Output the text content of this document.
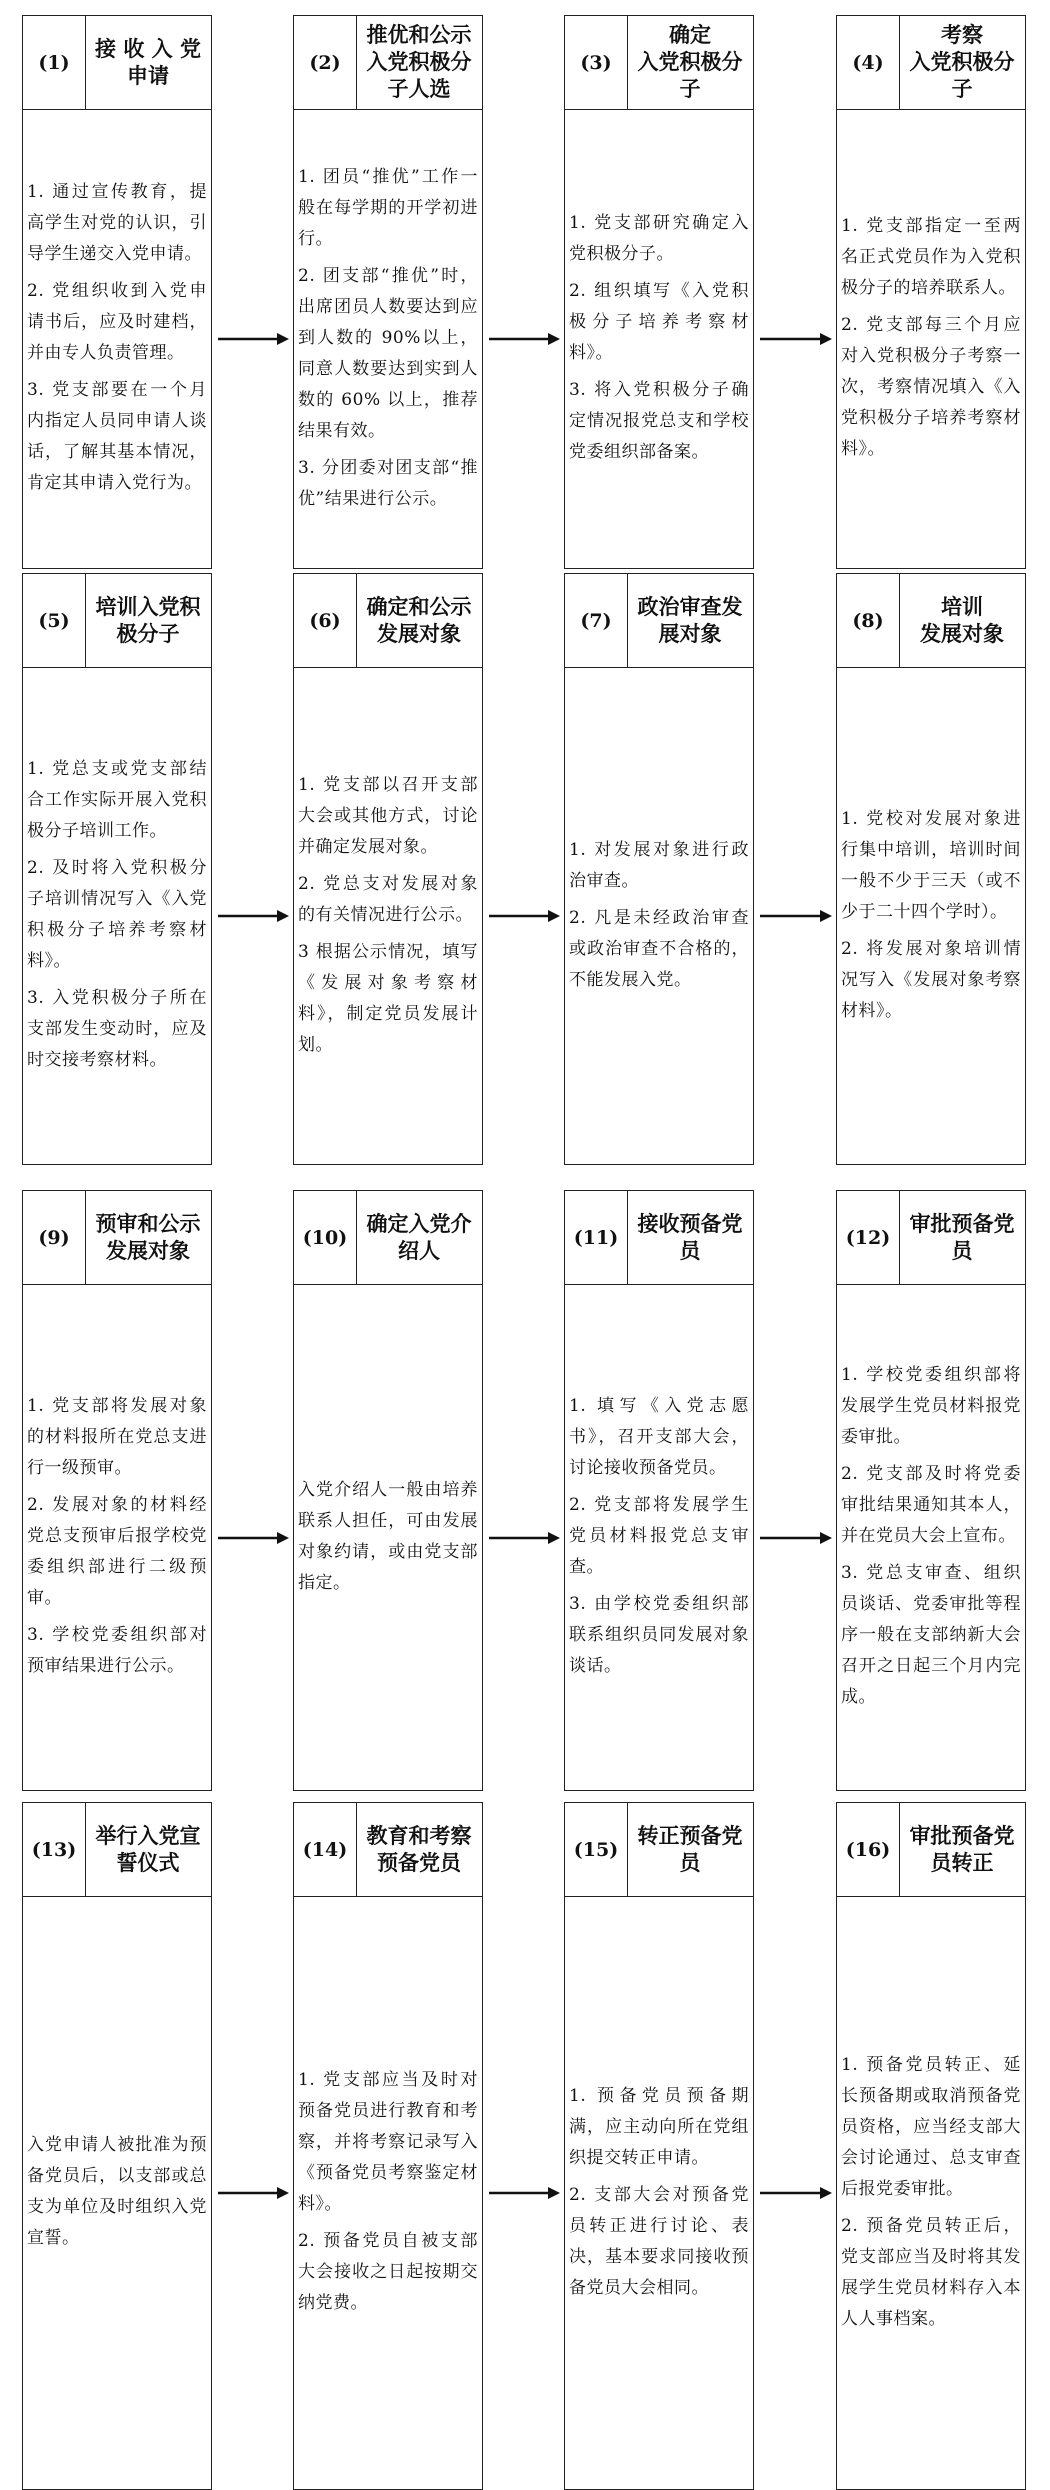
(1)
接 收 入 党
申请
1. 通过宣传教育，提高学生对党的认识，引导学生递交入党申请。
2. 党组织收到入党申请书后，应及时建档，并由专人负责管理。
3. 党支部要在一个月内指定人员同申请人谈话，了解其基本情况，肯定其申请入党行为。
(2)
推优和公示
入党积极分
子人选
1. 团员“推优”工作一般在每学期的开学初进行。
2. 团支部“推优”时，出席团员人数要达到应到人数的 90%以上，同意人数要达到实到人数的 60% 以上，推荐结果有效。
3. 分团委对团支部“推优”结果进行公示。
(3)
确定
入党积极分
子
1. 党支部研究确定入党积极分子。
2. 组织填写《入党积极分子培养考察材料》。
3. 将入党积极分子确定情况报党总支和学校党委组织部备案。
(4)
考察
入党积极分
子
1. 党支部指定一至两名正式党员作为入党积极分子的培养联系人。
2. 党支部每三个月应对入党积极分子考察一次，考察情况填入《入党积极分子培养考察材料》。
(5)
培训入党积
极分子
1. 党总支或党支部结合工作实际开展入党积极分子培训工作。
2. 及时将入党积极分子培训情况写入《入党积极分子培养考察材料》。
3. 入党积极分子所在支部发生变动时，应及时交接考察材料。
(6)
确定和公示
发展对象
1. 党支部以召开支部大会或其他方式，讨论并确定发展对象。
2. 党总支对发展对象的有关情况进行公示。
3 根据公示情况，填写《发展对象考察材料》，制定党员发展计划。
(7)
政治审查发
展对象
1. 对发展对象进行政治审查。
2. 凡是未经政治审查或政治审查不合格的，不能发展入党。
(8)
培训
发展对象
1. 党校对发展对象进行集中培训，培训时间一般不少于三天（或不少于二十四个学时）。
2. 将发展对象培训情况写入《发展对象考察材料》。
(9)
预审和公示
发展对象
1. 党支部将发展对象的材料报所在党总支进行一级预审。
2. 发展对象的材料经党总支预审后报学校党委组织部进行二级预审。
3. 学校党委组织部对预审结果进行公示。
(10)
确定入党介
绍人
入党介绍人一般由培养联系人担任，可由发展对象约请，或由党支部指定。
(11)
接收预备党
员
1. 填写《入党志愿书》，召开支部大会，讨论接收预备党员。
2. 党支部将发展学生党员材料报党总支审查。
3. 由学校党委组织部联系组织员同发展对象谈话。
(12)
审批预备党
员
1. 学校党委组织部将发展学生党员材料报党委审批。
2. 党支部及时将党委审批结果通知其本人，并在党员大会上宣布。
3. 党总支审查、组织员谈话、党委审批等程序一般在支部纳新大会召开之日起三个月内完成。
(13)
举行入党宣
誓仪式
入党申请人被批准为预备党员后，以支部或总支为单位及时组织入党宣誓。
(14)
教育和考察
预备党员
1. 党支部应当及时对预备党员进行教育和考察，并将考察记录写入《预备党员考察鉴定材料》。
2. 预备党员自被支部大会接收之日起按期交纳党费。
(15)
转正预备党
员
1. 预备党员预备期满，应主动向所在党组织提交转正申请。
2. 支部大会对预备党员转正进行讨论、表决，基本要求同接收预备党员大会相同。
(16)
审批预备党
员转正
1. 预备党员转正、延长预备期或取消预备党员资格，应当经支部大会讨论通过、总支审查后报党委审批。
2. 预备党员转正后，党支部应当及时将其发展学生党员材料存入本人人事档案。
